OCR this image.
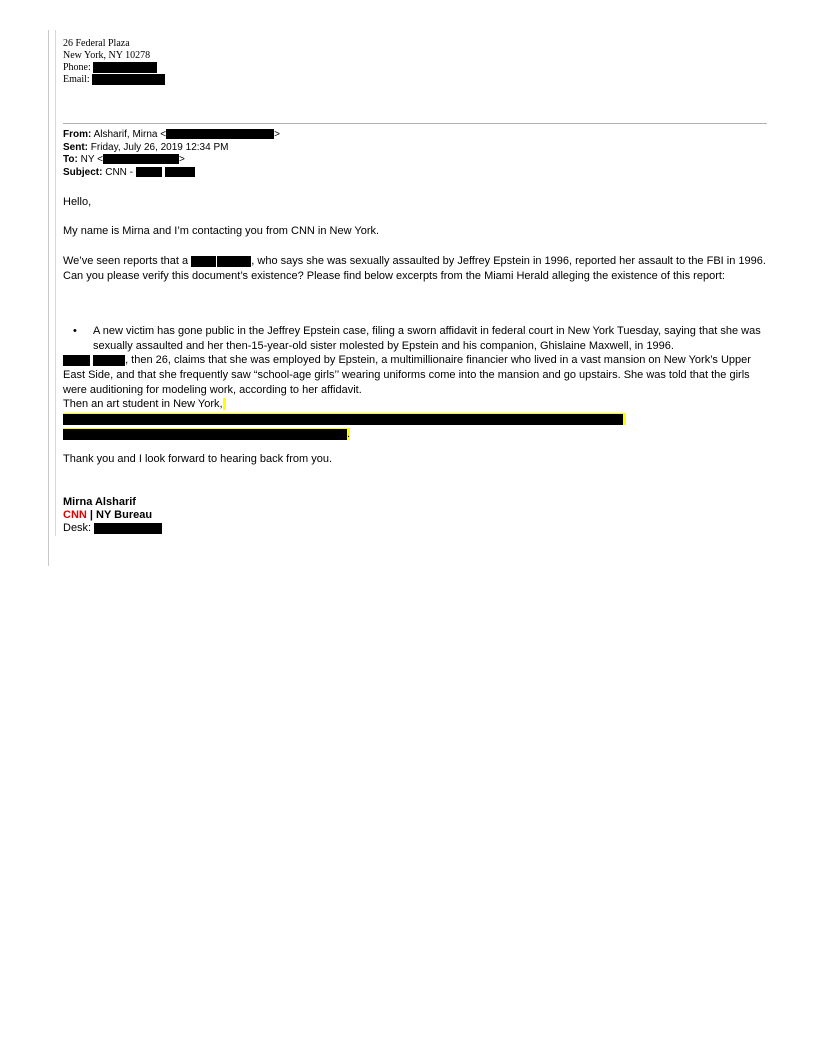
26 Federal Plaza
New York, NY 10278
Phone:
Email:
From: Alsharif, Mirna <	>
Sent: Friday, July 26, 2019 12:34 PM
To: NY <	>
Subject: CNN -
Hello,
My name is Mirna and I’m contacting you from CNN in New York.
We’ve seen reports that a	, who says she was sexually assaulted by Jeffrey Epstein in 1996, reported her assault to the FBI in 1996. Can you please verify this document’s existence? Please find below excerpts from the Miami Herald alleging the existence of this report:
• A new victim has gone public in the Jeffrey Epstein case, filing a sworn affidavit in federal court in New York Tuesday, saying that she was sexually assaulted and her then-15-year-old sister molested by Epstein and his companion, Ghislaine Maxwell, in 1996.
, then 26, claims that she was employed by Epstein, a multimillionaire financier who lived in a vast mansion on New York’s Upper East Side, and that she frequently saw “school-age girls’’ wearing uniforms come into the mansion and go upstairs. She was told that the girls were auditioning for modeling work, according to her affidavit.
Then an art student in New York,
.
Thank you and I look forward to hearing back from you.
Mirna Alsharif
CNN | NY Bureau
Desk:
